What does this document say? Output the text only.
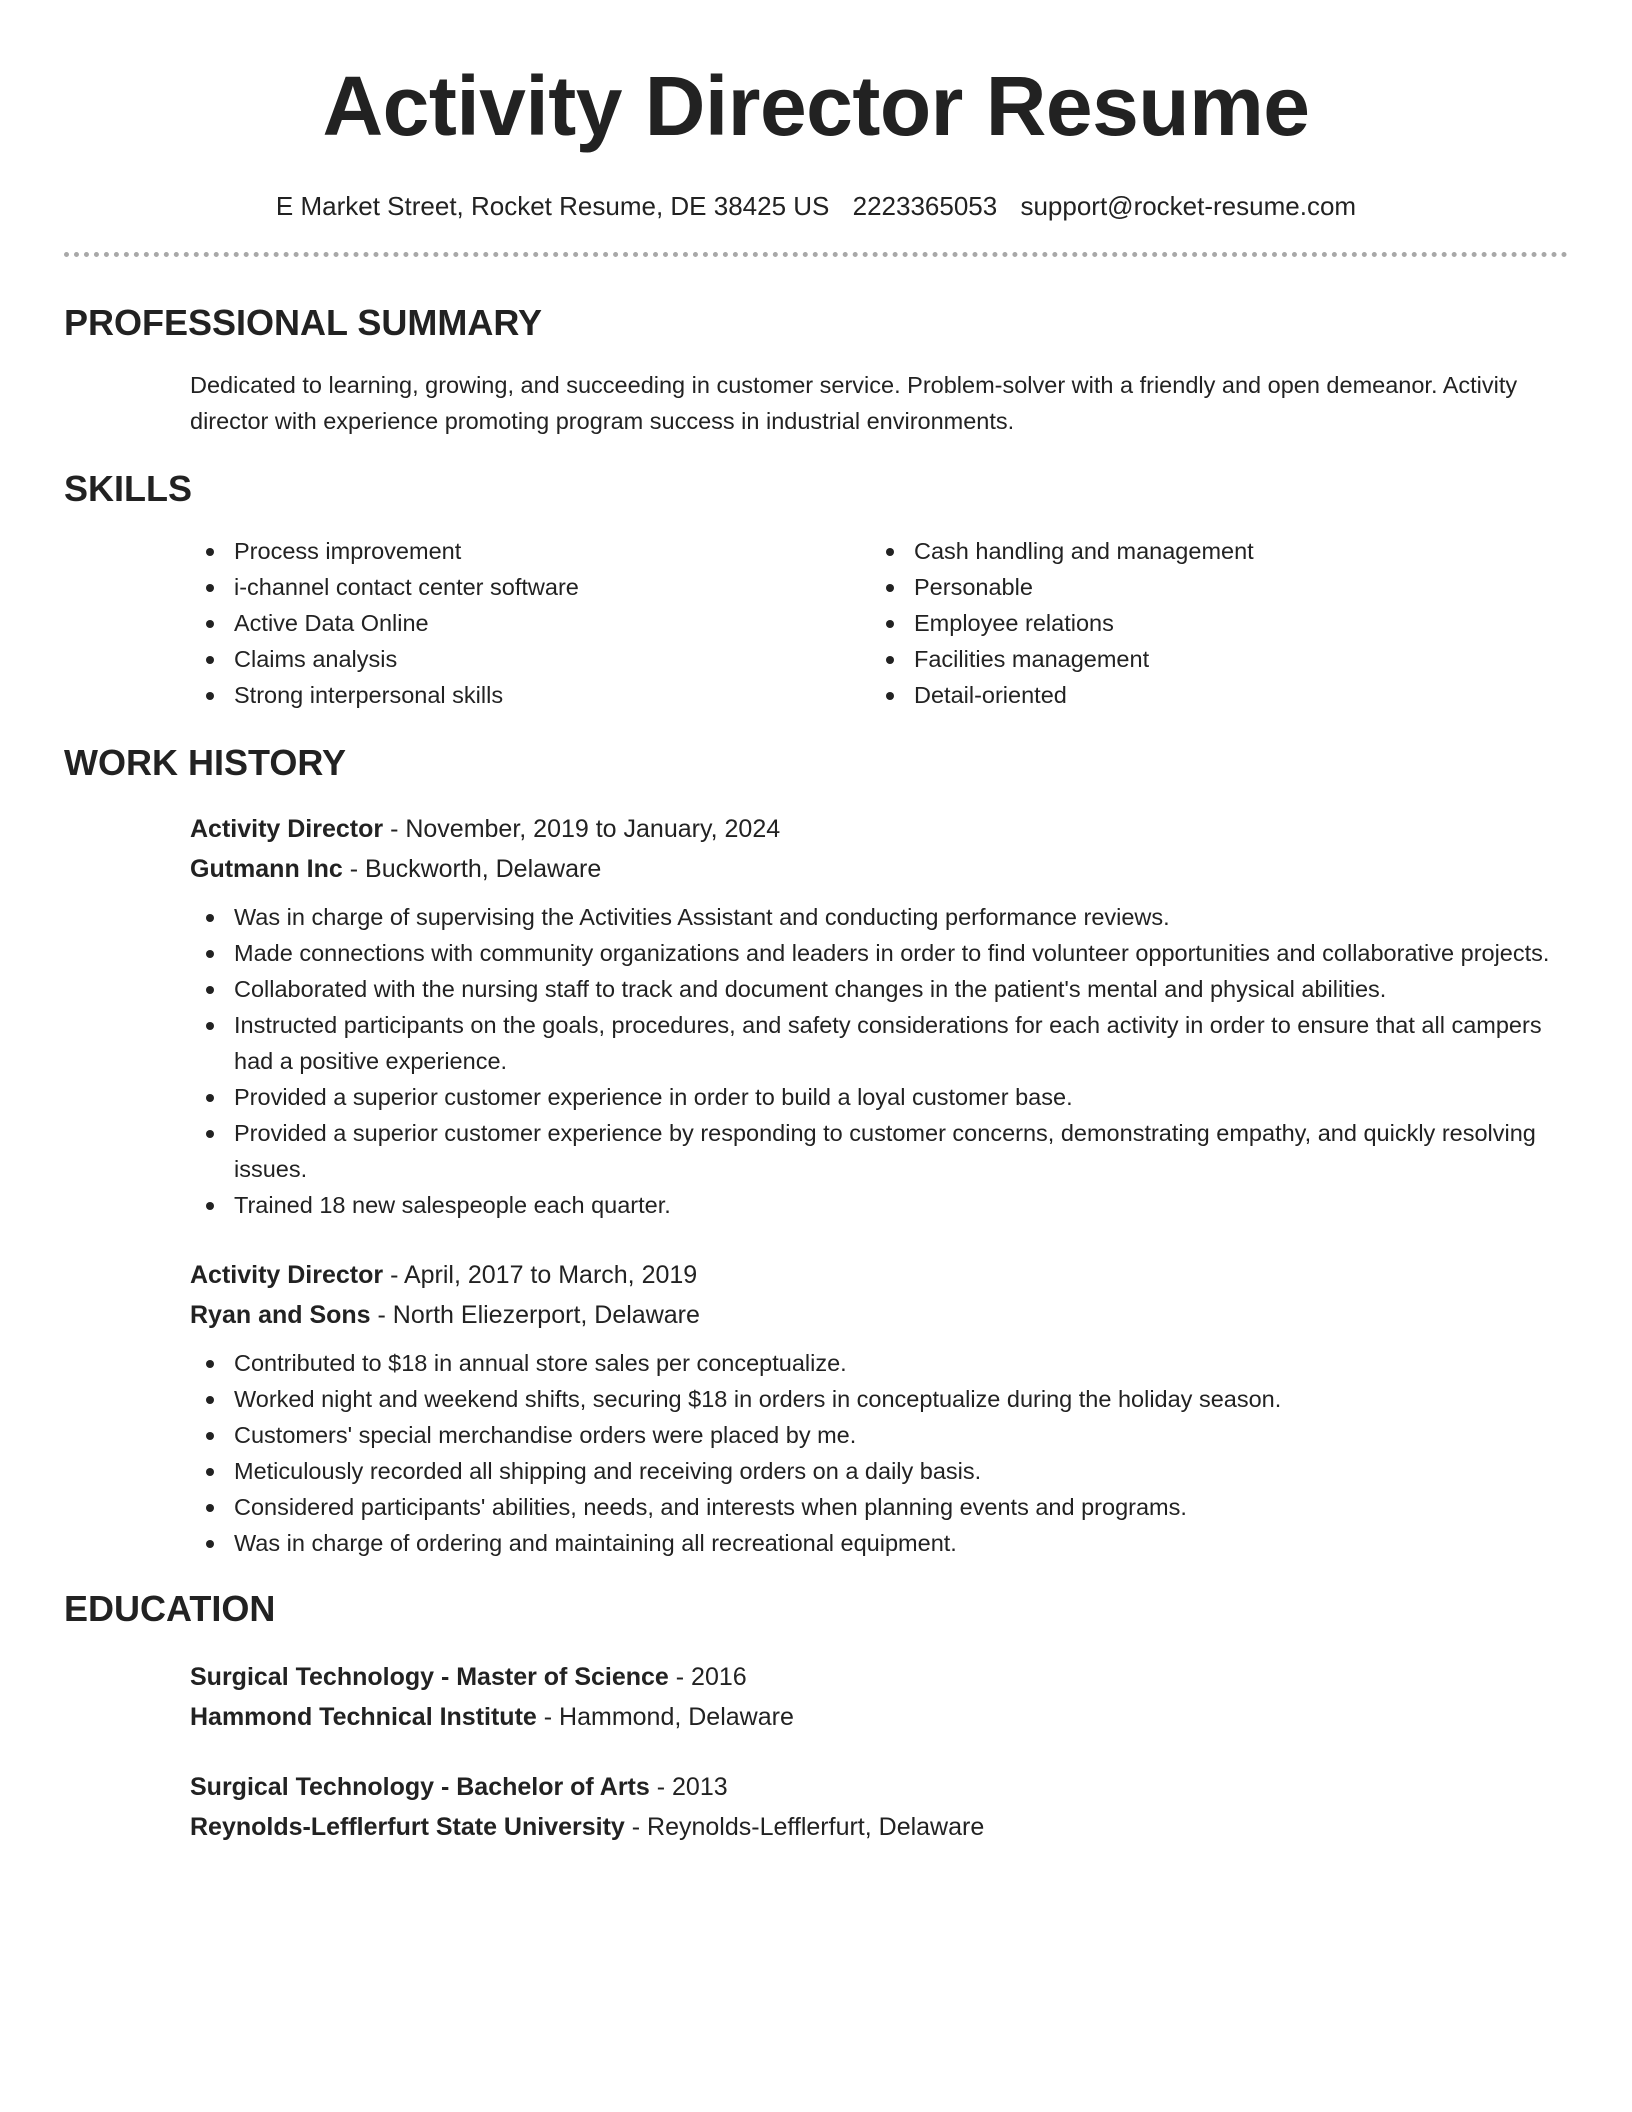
Activity Director Resume
E Market Street, Rocket Resume, DE 38425 US 2223365053 support@rocket-resume.com
PROFESSIONAL SUMMARY

Dedicated to learning, growing, and succeeding in customer service. Problem-solver with a friendly and open demeanor. Activity director with experience promoting program success in industrial environments.

SKILLS
Process improvement
i-channel contact center software
Active Data Online
Claims analysis
Strong interpersonal skills
Cash handling and management
Personable
Employee relations
Facilities management
Detail-oriented
WORK HISTORY
Activity Director - November, 2019 to January, 2024
Gutmann Inc - Buckworth, Delaware
Was in charge of supervising the Activities Assistant and conducting performance reviews.
Made connections with community organizations and leaders in order to find volunteer opportunities and collaborative projects.
Collaborated with the nursing staff to track and document changes in the patient's mental and physical abilities.
Instructed participants on the goals, procedures, and safety considerations for each activity in order to ensure that all campers had a positive experience.
Provided a superior customer experience in order to build a loyal customer base.
Provided a superior customer experience by responding to customer concerns, demonstrating empathy, and quickly resolving issues.
Trained 18 new salespeople each quarter.
Activity Director - April, 2017 to March, 2019
Ryan and Sons - North Eliezerport, Delaware
Contributed to $18 in annual store sales per conceptualize.
Worked night and weekend shifts, securing $18 in orders in conceptualize during the holiday season.
Customers' special merchandise orders were placed by me.
Meticulously recorded all shipping and receiving orders on a daily basis.
Considered participants' abilities, needs, and interests when planning events and programs.
Was in charge of ordering and maintaining all recreational equipment.
EDUCATION
Surgical Technology - Master of Science - 2016
Hammond Technical Institute - Hammond, Delaware
Surgical Technology - Bachelor of Arts - 2013
Reynolds-Lefflerfurt State University - Reynolds-Lefflerfurt, Delaware
